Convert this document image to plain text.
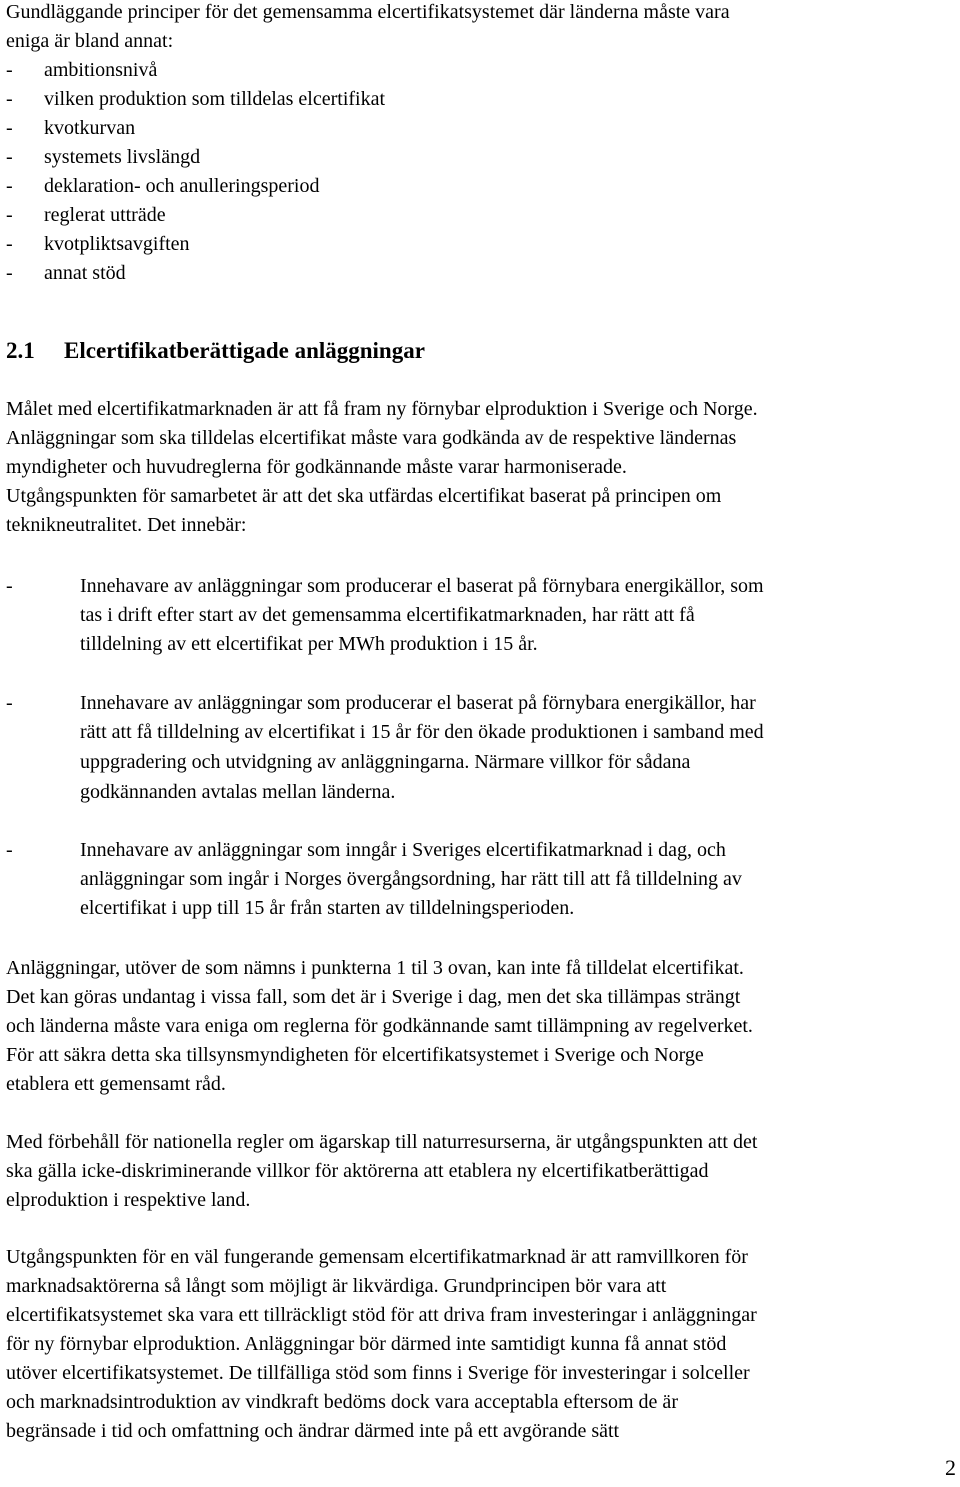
Gundläggande principer för det gemensamma elcertifikatsystemet där länderna måste vara
eniga är bland annat:
- ambitionsnivå
- vilken produktion som tilldelas elcertifikat
- kvotkurvan
- systemets livslängd
- deklaration- och anulleringsperiod
- reglerat utträde
- kvotpliktsavgiften
- annat stöd
2.1 Elcertifikatberättigade anläggningar
Målet med elcertifikatmarknaden är att få fram ny förnybar elproduktion i Sverige och Norge.
Anläggningar som ska tilldelas elcertifikat måste vara godkända av de respektive ländernas
myndigheter och huvudreglerna för godkännande måste varar harmoniserade.
Utgångspunkten för samarbetet är att det ska utfärdas elcertifikat baserat på principen om
teknikneutralitet. Det innebär:
-	Innehavare av anläggningar som producerar el baserat på förnybara energikällor, som
tas i drift efter start av det gemensamma elcertifikatmarknaden, har rätt att få
tilldelning av ett elcertifikat per MWh produktion i 15 år.
-	Innehavare av anläggningar som producerar el baserat på förnybara energikällor, har
rätt att få tilldelning av elcertifikat i 15 år för den ökade produktionen i samband med
uppgradering och utvidgning av anläggningarna. Närmare villkor för sådana
godkännanden avtalas mellan länderna.
-	Innehavare av anläggningar som inngår i Sveriges elcertifikatmarknad i dag, och
anläggningar som ingår i Norges övergångsordning, har rätt till att få tilldelning av
elcertifikat i upp till 15 år från starten av tilldelningsperioden.
Anläggningar, utöver de som nämns i punkterna 1 til 3 ovan, kan inte få tilldelat elcertifikat.
Det kan göras undantag i vissa fall, som det är i Sverige i dag, men det ska tillämpas strängt
och länderna måste vara eniga om reglerna för godkännande samt tillämpning av regelverket.
För att säkra detta ska tillsynsmyndigheten för elcertifikatsystemet i Sverige och Norge
etablera ett gemensamt råd.
Med förbehåll för nationella regler om ägarskap till naturresurserna, är utgångspunkten att det
ska gälla icke-diskriminerande villkor för aktörerna att etablera ny elcertifikatberättigad
elproduktion i respektive land.
Utgångspunkten för en väl fungerande gemensam elcertifikatmarknad är att ramvillkoren för
marknadsaktörerna så långt som möjligt är likvärdiga. Grundprincipen bör vara att
elcertifikatsystemet ska vara ett tillräckligt stöd för att driva fram investeringar i anläggningar
för ny förnybar elproduktion. Anläggningar bör därmed inte samtidigt kunna få annat stöd
utöver elcertifikatsystemet. De tillfälliga stöd som finns i Sverige för investeringar i solceller
och marknadsintroduktion av vindkraft bedöms dock vara acceptabla eftersom de är
begränsade i tid och omfattning och ändrar därmed inte på ett avgörande sätt
2
